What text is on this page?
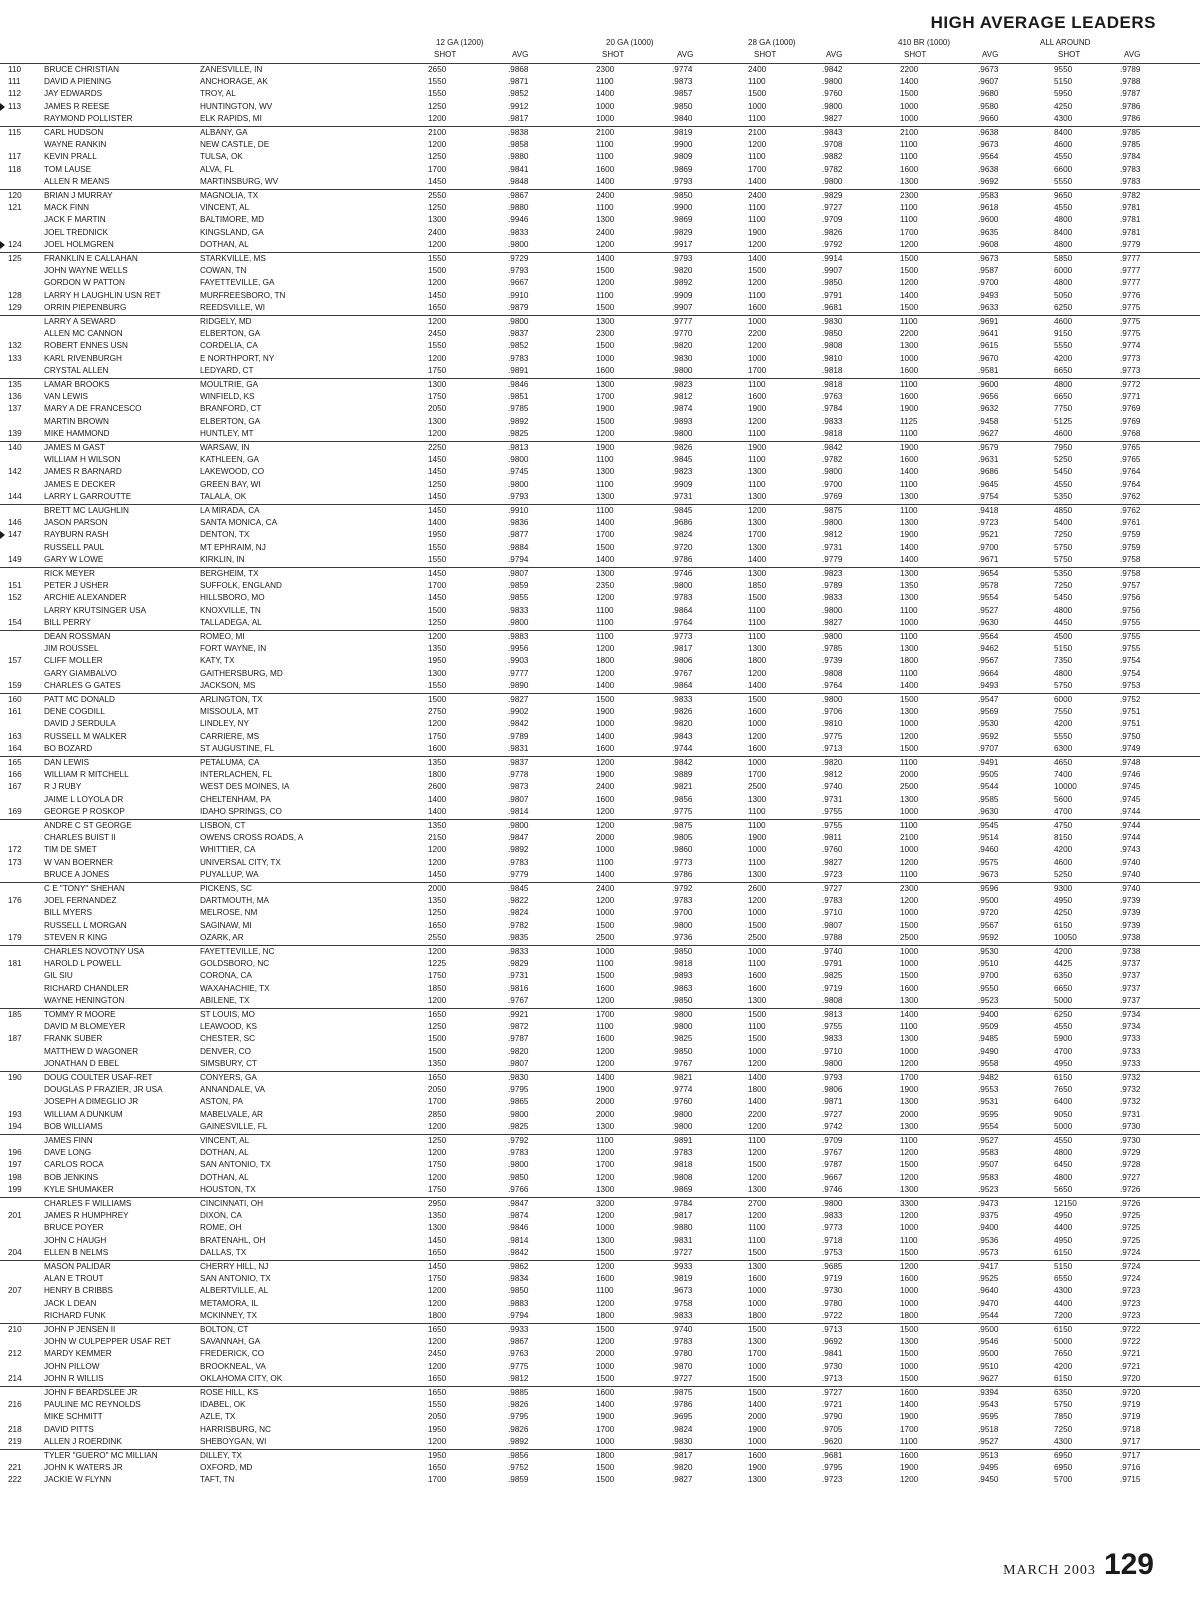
HIGH AVERAGE LEADERS
12 GA (1200)	20 GA (1000)	28 GA (1000)	410 BR (1000)	ALL AROUND
SHOT	AVG	SHOT	AVG	SHOT	AVG	SHOT	AVG	SHOT	AVG
110	BRUCE CHRISTIAN	ZANESVILLE, IN	2650	.9868	2300	.9774	2400	.9842	2200	.9673	9550	.9789
111	DAVID A PIENING	ANCHORAGE, AK	1550	.9871	1100	.9873	1100	.9800	1400	.9607	5150	.9788
112	JAY EDWARDS	TROY, AL	1550	.9852	1400	.9857	1500	.9760	1500	.9680	5950	.9787
113	JAMES R REESE	HUNTINGTON, WV	1250	.9912	1000	.9850	1000	.9800	1000	.9580	4250	.9786
RAYMOND POLLISTER	ELK RAPIDS, MI	1200	.9817	1000	.9840	1100	.9827	1000	.9660	4300	.9786
115	CARL HUDSON	ALBANY, GA	2100	.9838	2100	.9819	2100	.9843	2100	.9638	8400	.9785
WAYNE RANKIN	NEW CASTLE, DE	1200	.9858	1100	.9900	1200	.9708	1100	.9673	4600	.9785
117	KEVIN PRALL	TULSA, OK	1250	.9880	1100	.9809	1100	.9882	1100	.9564	4550	.9784
118	TOM LAUSE	ALVA, FL	1700	.9841	1600	.9869	1700	.9782	1600	.9638	6600	.9783
ALLEN R MEANS	MARTINSBURG, WV	1450	.9848	1400	.9793	1400	.9800	1300	.9692	5550	.9783
120	BRIAN J MURRAY	MAGNOLIA, TX	2550	.9867	2400	.9850	2400	.9829	2300	.9583	9650	.9782
121	MACK FINN	VINCENT, AL	1250	.9880	1100	.9900	1100	.9727	1100	.9618	4550	.9781
JACK F MARTIN	BALTIMORE, MD	1300	.9946	1300	.9869	1100	.9709	1100	.9600	4800	.9781
JOEL TREDNICK	KINGSLAND, GA	2400	.9833	2400	.9829	1900	.9826	1700	.9635	8400	.9781
124	JOEL HOLMGREN	DOTHAN, AL	1200	.9800	1200	.9917	1200	.9792	1200	.9608	4800	.9779
125	FRANKLIN E CALLAHAN	STARKVILLE, MS	1550	.9729	1400	.9793	1400	.9914	1500	.9673	5850	.9777
JOHN WAYNE WELLS	COWAN, TN	1500	.9793	1500	.9820	1500	.9907	1500	.9587	6000	.9777
GORDON W PATTON	FAYETTEVILLE, GA	1200	.9667	1200	.9892	1200	.9850	1200	.9700	4800	.9777
128	LARRY H LAUGHLIN USN RET	MURFREESBORO, TN	1450	.9910	1100	.9909	1100	.9791	1400	.9493	5050	.9776
129	ORRIN PIEPENBURG	REEDSVILLE, WI	1650	.9879	1500	.9907	1600	.9681	1500	.9633	6250	.9775
LARRY A SEWARD	RIDGELY, MD	1200	.9800	1300	.9777	1000	.9830	1100	.9691	4600	.9775
ALLEN MC CANNON	ELBERTON, GA	2450	.9837	2300	.9770	2200	.9850	2200	.9641	9150	.9775
132	ROBERT ENNES USN	CORDELIA, CA	1550	.9852	1500	.9820	1200	.9808	1300	.9615	5550	.9774
133	KARL RIVENBURGH	E NORTHPORT, NY	1200	.9783	1000	.9830	1000	.9810	1000	.9670	4200	.9773
CRYSTAL ALLEN	LEDYARD, CT	1750	.9891	1600	.9800	1700	.9818	1600	.9581	6650	.9773
135	LAMAR BROOKS	MOULTRIE, GA	1300	.9846	1300	.9823	1100	.9818	1100	.9600	4800	.9772
136	VAN LEWIS	WINFIELD, KS	1750	.9851	1700	.9812	1600	.9763	1600	.9656	6650	.9771
137	MARY A DE FRANCESCO	BRANFORD, CT	2050	.9785	1900	.9874	1900	.9784	1900	.9632	7750	.9769
MARTIN BROWN	ELBERTON, GA	1300	.9892	1500	.9893	1200	.9833	1125	.9458	5125	.9769
139	MIKE HAMMOND	HUNTLEY, MT	1200	.9825	1200	.9800	1100	.9818	1100	.9627	4600	.9768
140	JAMES M GAST	WARSAW, IN	2250	.9813	1900	.9826	1900	.9842	1900	.9579	7950	.9765
WILLIAM H WILSON	KATHLEEN, GA	1450	.9800	1100	.9845	1100	.9782	1600	.9631	5250	.9765
142	JAMES R BARNARD	LAKEWOOD, CO	1450	.9745	1300	.9823	1300	.9800	1400	.9686	5450	.9764
JAMES E DECKER	GREEN BAY, WI	1250	.9800	1100	.9909	1100	.9700	1100	.9645	4550	.9764
144	LARRY L GARROUTTE	TALALA, OK	1450	.9793	1300	.9731	1300	.9769	1300	.9754	5350	.9762
BRETT MC LAUGHLIN	LA MIRADA, CA	1450	.9910	1100	.9845	1200	.9875	1100	.9418	4850	.9762
146	JASON PARSON	SANTA MONICA, CA	1400	.9836	1400	.9686	1300	.9800	1300	.9723	5400	.9761
147	RAYBURN RASH	DENTON, TX	1950	.9877	1700	.9824	1700	.9812	1900	.9521	7250	.9759
RUSSELL PAUL	MT EPHRAIM, NJ	1550	.9884	1500	.9720	1300	.9731	1400	.9700	5750	.9759
149	GARY W LOWE	KIRKLIN, IN	1550	.9794	1400	.9786	1400	.9779	1400	.9671	5750	.9758
RICK MEYER	BERGHEIM, TX	1450	.9807	1300	.9746	1300	.9823	1300	.9654	5350	.9758
151	PETER J USHER	SUFFOLK, ENGLAND	1700	.9859	2350	.9800	1850	.9789	1350	.9578	7250	.9757
152	ARCHIE ALEXANDER	HILLSBORO, MO	1450	.9855	1200	.9783	1500	.9833	1300	.9554	5450	.9756
LARRY KRUTSINGER USA	KNOXVILLE, TN	1500	.9833	1100	.9864	1100	.9800	1100	.9527	4800	.9756
154	BILL PERRY	TALLADEGA, AL	1250	.9800	1100	.9764	1100	.9827	1000	.9630	4450	.9755
DEAN ROSSMAN	ROMEO, MI	1200	.9883	1100	.9773	1100	.9800	1100	.9564	4500	.9755
JIM ROUSSEL	FORT WAYNE, IN	1350	.9956	1200	.9817	1300	.9785	1300	.9462	5150	.9755
157	CLIFF MOLLER	KATY, TX	1950	.9903	1800	.9806	1800	.9739	1800	.9567	7350	.9754
GARY GIAMBALVO	GAITHERSBURG, MD	1300	.9777	1200	.9767	1200	.9808	1100	.9664	4800	.9754
159	CHARLES G GATES	JACKSON, MS	1550	.9890	1400	.9864	1400	.9764	1400	.9493	5750	.9753
160	PATT MC DONALD	ARLINGTON, TX	1500	.9827	1500	.9833	1500	.9800	1500	.9547	6000	.9752
161	DENE COGDILL	MISSOULA, MT	2750	.9902	1900	.9826	1600	.9706	1300	.9569	7550	.9751
DAVID J SERDULA	LINDLEY, NY	1200	.9842	1000	.9820	1000	.9810	1000	.9530	4200	.9751
163	RUSSELL M WALKER	CARRIERE, MS	1750	.9789	1400	.9843	1200	.9775	1200	.9592	5550	.9750
164	BO BOZARD	ST AUGUSTINE, FL	1600	.9831	1600	.9744	1600	.9713	1500	.9707	6300	.9749
165	DAN LEWIS	PETALUMA, CA	1350	.9837	1200	.9842	1000	.9820	1100	.9491	4650	.9748
166	WILLIAM R MITCHELL	INTERLACHEN, FL	1800	.9778	1900	.9889	1700	.9812	2000	.9505	7400	.9746
167	R J RUBY	WEST DES MOINES, IA	2600	.9873	2400	.9821	2500	.9740	2500	.9544	10000	.9745
JAIME L LOYOLA DR	CHELTENHAM, PA	1400	.9807	1600	.9856	1300	.9731	1300	.9585	5600	.9745
169	GEORGE P ROSKOP	IDAHO SPRINGS, CO	1400	.9814	1200	.9775	1100	.9755	1000	.9630	4700	.9744
ANDRE C ST GEORGE	LISBON, CT	1350	.9800	1200	.9875	1100	.9755	1100	.9545	4750	.9744
CHARLES BUIST II	OWENS CROSS ROADS, A	2150	.9847	2000	.9805	1900	.9811	2100	.9514	8150	.9744
172	TIM DE SMET	WHITTIER, CA	1200	.9892	1000	.9860	1000	.9760	1000	.9460	4200	.9743
173	W VAN BOERNER	UNIVERSAL CITY, TX	1200	.9783	1100	.9773	1100	.9827	1200	.9575	4600	.9740
BRUCE A JONES	PUYALLUP, WA	1450	.9779	1400	.9786	1300	.9723	1100	.9673	5250	.9740
C E "TONY" SHEHAN	PICKENS, SC	2000	.9845	2400	.9792	2600	.9727	2300	.9596	9300	.9740
176	JOEL FERNANDEZ	DARTMOUTH, MA	1350	.9822	1200	.9783	1200	.9783	1200	.9500	4950	.9739
BILL MYERS	MELROSE, NM	1250	.9824	1000	.9700	1000	.9710	1000	.9720	4250	.9739
RUSSELL L MORGAN	SAGINAW, MI	1650	.9782	1500	.9800	1500	.9807	1500	.9567	6150	.9739
179	STEVEN R KING	OZARK, AR	2550	.9835	2500	.9736	2500	.9788	2500	.9592	10050	.9738
CHARLES NOVOTNY USA	FAYETTEVILLE, NC	1200	.9833	1000	.9850	1000	.9740	1000	.9530	4200	.9738
181	HAROLD L POWELL	GOLDSBORO, NC	1225	.9829	1100	.9818	1100	.9791	1000	.9510	4425	.9737
GIL SIU	CORONA, CA	1750	.9731	1500	.9893	1600	.9825	1500	.9700	6350	.9737
RICHARD CHANDLER	WAXAHACHIE, TX	1850	.9816	1600	.9863	1600	.9719	1600	.9550	6650	.9737
WAYNE HENINGTON	ABILENE, TX	1200	.9767	1200	.9850	1300	.9808	1300	.9523	5000	.9737
185	TOMMY R MOORE	ST LOUIS, MO	1650	.9921	1700	.9800	1500	.9813	1400	.9400	6250	.9734
DAVID M BLOMEYER	LEAWOOD, KS	1250	.9872	1100	.9800	1100	.9755	1100	.9509	4550	.9734
187	FRANK SUBER	CHESTER, SC	1500	.9787	1600	.9825	1500	.9833	1300	.9485	5900	.9733
MATTHEW D WAGONER	DENVER, CO	1500	.9820	1200	.9850	1000	.9710	1000	.9490	4700	.9733
JONATHAN D EBEL	SIMSBURY, CT	1350	.9807	1200	.9767	1200	.9800	1200	.9558	4950	.9733
190	DOUG COULTER USAF-RET	CONYERS, GA	1650	.9830	1400	.9821	1400	.9793	1700	.9482	6150	.9732
DOUGLAS P FRAZIER, JR USA	ANNANDALE, VA	2050	.9795	1900	.9774	1800	.9806	1900	.9553	7650	.9732
JOSEPH A DIMEGLIO JR	ASTON, PA	1700	.9865	2000	.9760	1400	.9871	1300	.9531	6400	.9732
193	WILLIAM A DUNKUM	MABELVALE, AR	2850	.9800	2000	.9800	2200	.9727	2000	.9595	9050	.9731
194	BOB WILLIAMS	GAINESVILLE, FL	1200	.9825	1300	.9800	1200	.9742	1300	.9554	5000	.9730
JAMES FINN	VINCENT, AL	1250	.9792	1100	.9891	1100	.9709	1100	.9527	4550	.9730
196	DAVE LONG	DOTHAN, AL	1200	.9783	1200	.9783	1200	.9767	1200	.9583	4800	.9729
197	CARLOS ROCA	SAN ANTONIO, TX	1750	.9800	1700	.9818	1500	.9787	1500	.9507	6450	.9728
198	BOB JENKINS	DOTHAN, AL	1200	.9850	1200	.9808	1200	.9667	1200	.9583	4800	.9727
199	KYLE SHUMAKER	HOUSTON, TX	1750	.9766	1300	.9869	1300	.9746	1300	.9523	5650	.9726
CHARLES F WILLIAMS	CINCINNATI, OH	2950	.9847	3200	.9784	2700	.9800	3300	.9473	12150	.9726
201	JAMES R HUMPHREY	DIXON, CA	1350	.9874	1200	.9817	1200	.9833	1200	.9375	4950	.9725
BRUCE POYER	ROME, OH	1300	.9846	1000	.9880	1100	.9773	1000	.9400	4400	.9725
JOHN C HAUGH	BRATENAHL, OH	1450	.9814	1300	.9831	1100	.9718	1100	.9536	4950	.9725
204	ELLEN B NELMS	DALLAS, TX	1650	.9842	1500	.9727	1500	.9753	1500	.9573	6150	.9724
MASON PALIDAR	CHERRY HILL, NJ	1450	.9862	1200	.9933	1300	.9685	1200	.9417	5150	.9724
ALAN E TROUT	SAN ANTONIO, TX	1750	.9834	1600	.9819	1600	.9719	1600	.9525	6550	.9724
207	HENRY B CRIBBS	ALBERTVILLE, AL	1200	.9850	1100	.9673	1000	.9730	1000	.9640	4300	.9723
JACK L DEAN	METAMORA, IL	1200	.9883	1200	.9758	1000	.9780	1000	.9470	4400	.9723
RICHARD FUNK	MCKINNEY, TX	1800	.9794	1800	.9833	1800	.9722	1800	.9544	7200	.9723
210	JOHN P JENSEN II	BOLTON, CT	1650	.9933	1500	.9740	1500	.9713	1500	.9500	6150	.9722
JOHN W CULPEPPER USAF RET	SAVANNAH, GA	1200	.9867	1200	.9783	1300	.9692	1300	.9546	5000	.9722
212	MARDY KEMMER	FREDERICK, CO	2450	.9763	2000	.9780	1700	.9841	1500	.9500	7650	.9721
JOHN PILLOW	BROOKNEAL, VA	1200	.9775	1000	.9870	1000	.9730	1000	.9510	4200	.9721
214	JOHN R WILLIS	OKLAHOMA CITY, OK	1650	.9812	1500	.9727	1500	.9713	1500	.9627	6150	.9720
JOHN F BEARDSLEE JR	ROSE HILL, KS	1650	.9885	1600	.9875	1500	.9727	1600	.9394	6350	.9720
216	PAULINE MC REYNOLDS	IDABEL, OK	1550	.9826	1400	.9786	1400	.9721	1400	.9543	5750	.9719
MIKE SCHMITT	AZLE, TX	2050	.9795	1900	.9695	2000	.9790	1900	.9595	7850	.9719
218	DAVID PITTS	HARRISBURG, NC	1950	.9826	1700	.9824	1900	.9705	1700	.9518	7250	.9718
219	ALLEN J ROERDINK	SHEBOYGAN, WI	1200	.9892	1000	.9830	1000	.9620	1100	.9527	4300	.9717
TYLER "GUERO" MC MILLIAN	DILLEY, TX	1950	.9856	1800	.9817	1600	.9681	1600	.9513	6950	.9717
221	JOHN K WATERS JR	OXFORD, MD	1650	.9752	1500	.9820	1900	.9795	1900	.9495	6950	.9716
222	JACKIE W FLYNN	TAFT, TN	1700	.9859	1500	.9827	1300	.9723	1200	.9450	5700	.9715
MARCH 2003 129
